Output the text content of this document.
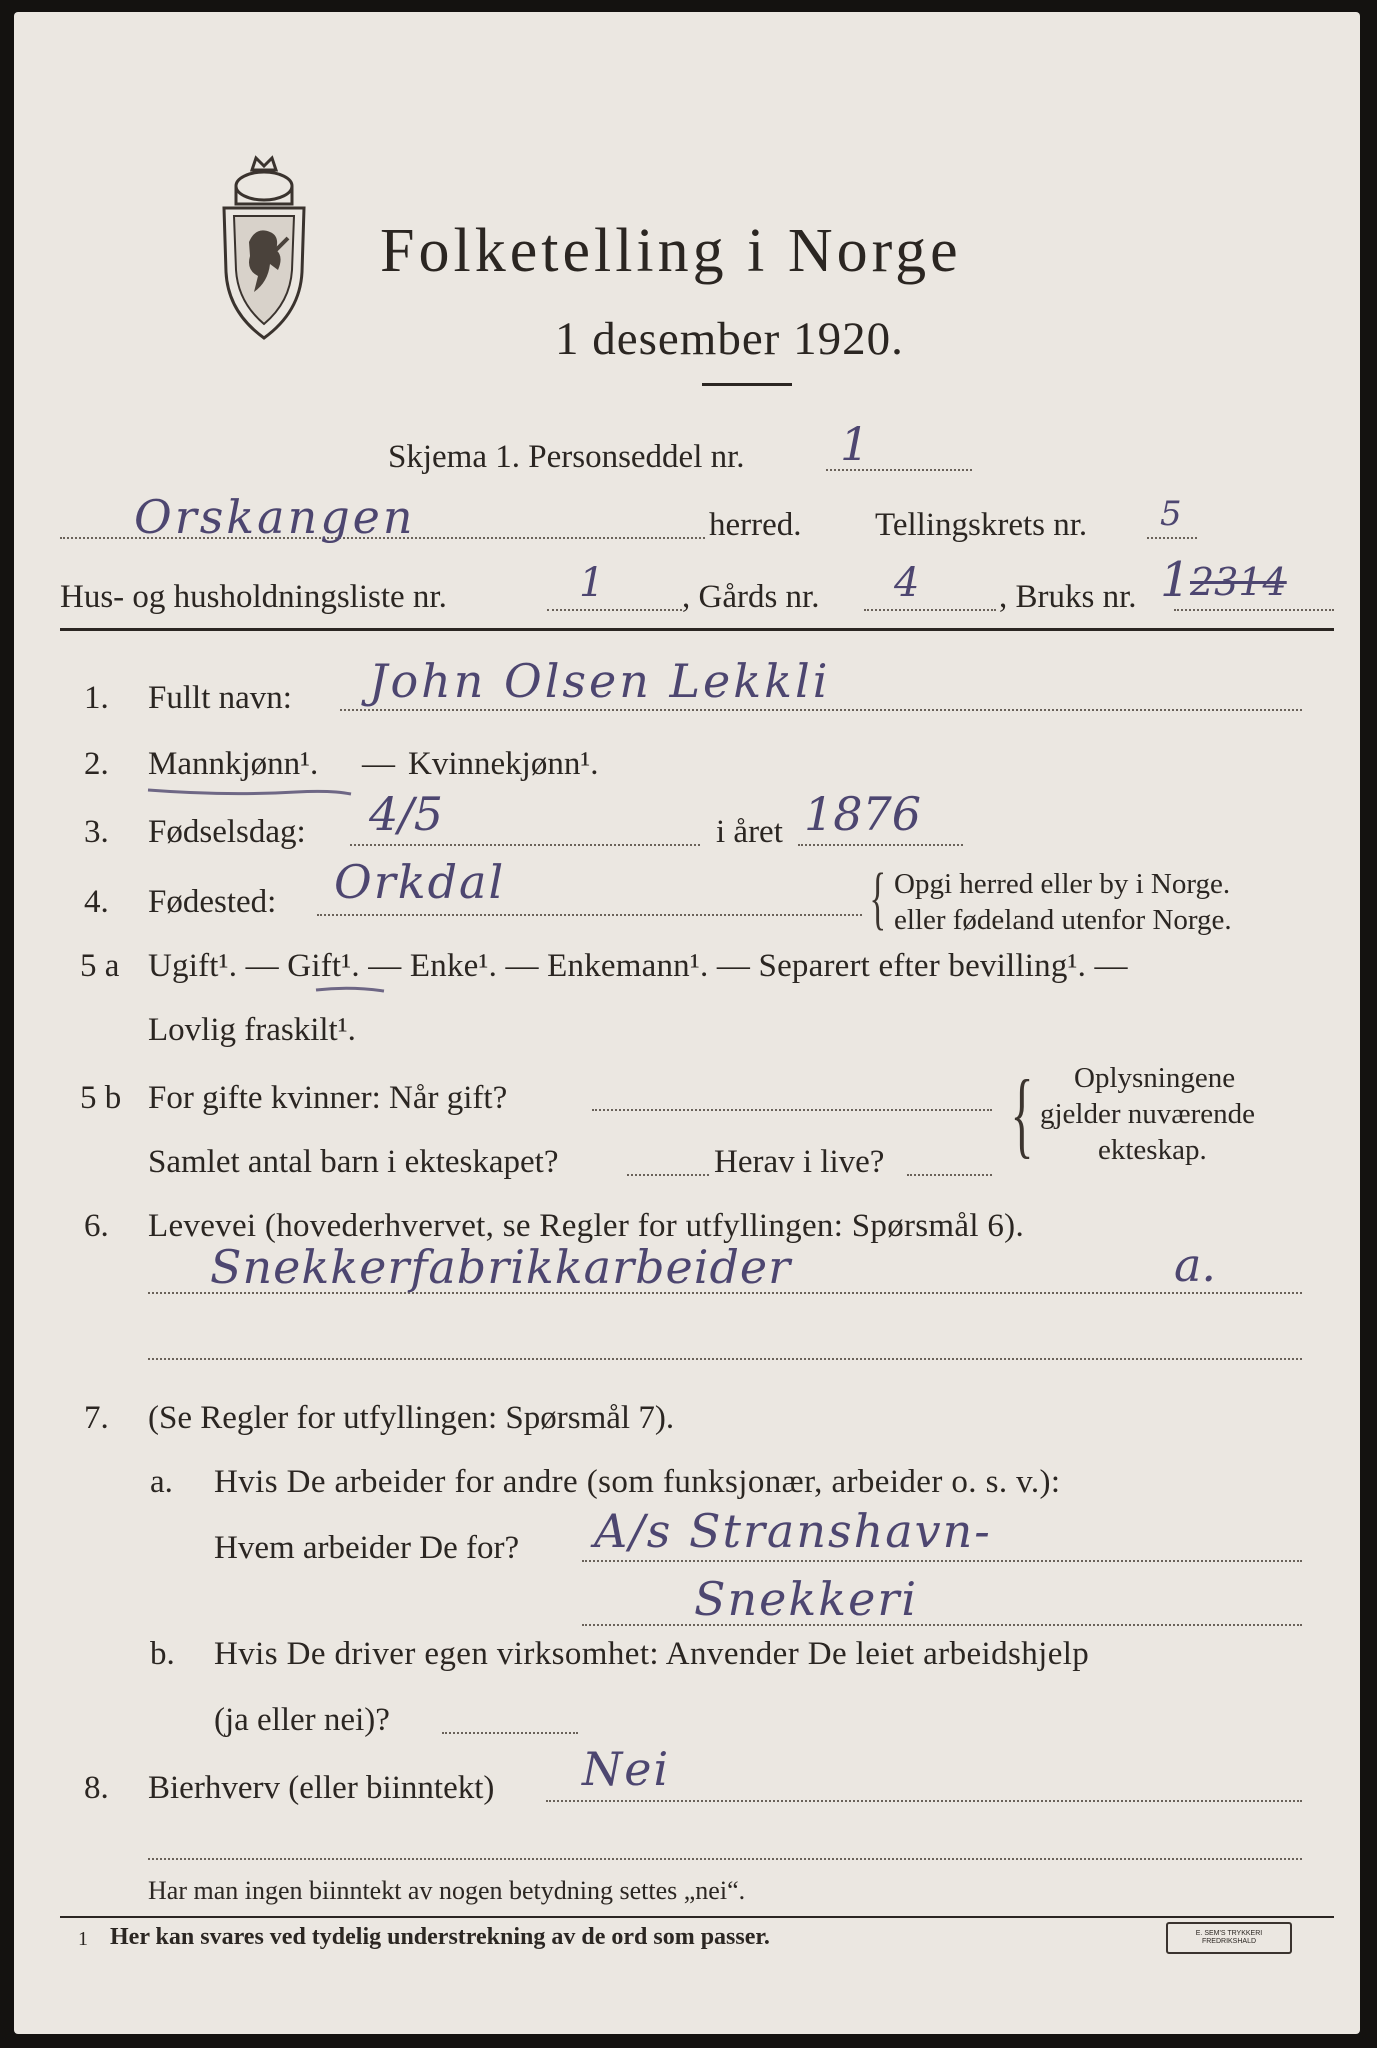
Folketelling i Norge
1 desember 1920.
Skjema 1. Personseddel nr. 1
Orskangen	herred. Tellingskrets nr. 5
Hus- og husholdningsliste nr.	1 , Gårds nr. 4 , Bruks nr. 1 2314
1. Fullt navn: John Olsen Lekkli
2. Mannkjønn¹. — Kvinnekjønn¹.
3. Fødselsdag: 4/5	i året 1876
4. Fødested: Orkdal	{ Opgi herred eller by i Norge.
eller fødeland utenfor Norge.
5 a Ugift¹. — Gift¹. — Enke¹. — Enkemann¹. — Separert efter bevilling¹. —
Lovlig fraskilt¹.
5 b For gifte kvinner: Når gift?
Samlet antal barn i ekteskapet?	Herav i live? { Oplysningene
gjelder nuværende
ekteskap.
6. Levevei (hovederhvervet, se Regler for utfyllingen: Spørsmål 6).
Snekkerfabrikkarbeider	a.
7. (Se Regler for utfyllingen: Spørsmål 7).
a. Hvis De arbeider for andre (som funksjonær, arbeider o. s. v.):
Hvem arbeider De for? A/s Stranshavn-
Snekkeri
b. Hvis De driver egen virksomhet: Anvender De leiet arbeidshjelp
(ja eller nei)?
8. Bierhverv (eller biinntekt) Nei
Har man ingen biinntekt av nogen betydning settes „nei“.
1 Her kan svares ved tydelig understrekning av de ord som passer.	E. SEM'S TRYKKERI FREDRIKSHALD
